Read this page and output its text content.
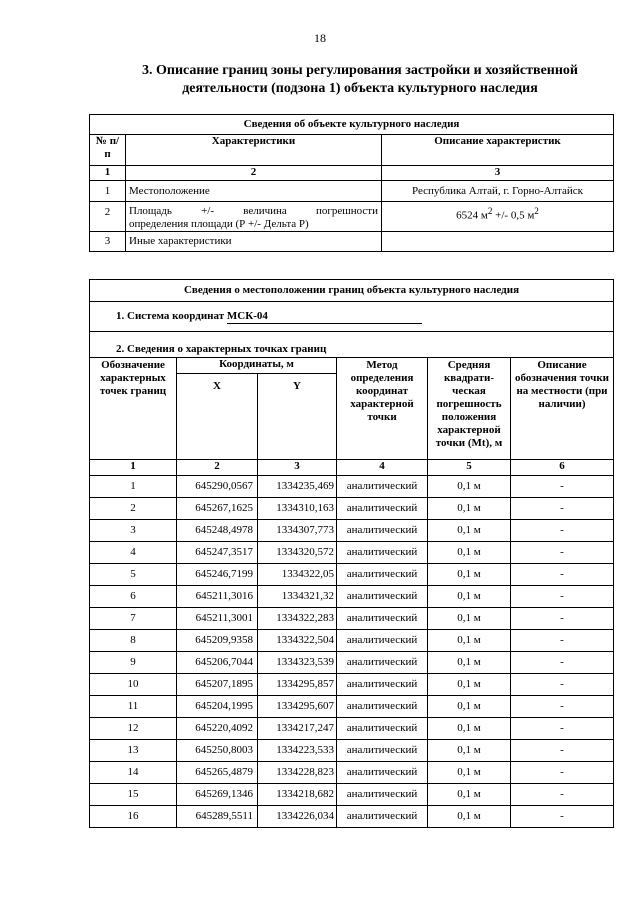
18
3. Описание границ зоны регулирования застройки и хозяйственной деятельности (подзона 1) объекта культурного наследия
Сведения об объекте культурного наследия		
№ п/п	Характеристики	Описание характеристик
1	2	3
1	Местоположение	Республика Алтай, г. Горно-Алтайск
2	Площадь +/- величина погрешности
определения площади (Р +/- Дельта Р)	6524 $м^2$ +/- 0,5 $м^2$
3	Иные характеристики	
Сведения о местоположении границ объекта культурного наследия					
1. Система координат МСК-04					
2. Сведения о характерных точках границ					
Обозначение характерных точек границ	Координаты, м		Метод определения координат характерной точки	Средняя квадрати-ческая погрешность положения характерной точки (Mt), м	Описание обозначения точки на местности (при наличии)
	X	Y			
1	2	3	4	5	6
1	645290,0567	1334235,469	аналитический	0,1 м	-
2	645267,1625	1334310,163	аналитический	0,1 м	-
3	645248,4978	1334307,773	аналитический	0,1 м	-
4	645247,3517	1334320,572	аналитический	0,1 м	-
5	645246,7199	1334322,05	аналитический	0,1 м	-
6	645211,3016	1334321,32	аналитический	0,1 м	-
7	645211,3001	1334322,283	аналитический	0,1 м	-
8	645209,9358	1334322,504	аналитический	0,1 м	-
9	645206,7044	1334323,539	аналитический	0,1 м	-
10	645207,1895	1334295,857	аналитический	0,1 м	-
11	645204,1995	1334295,607	аналитический	0,1 м	-
12	645220,4092	1334217,247	аналитический	0,1 м	-
13	645250,8003	1334223,533	аналитический	0,1 м	-
14	645265,4879	1334228,823	аналитический	0,1 м	-
15	645269,1346	1334218,682	аналитический	0,1 м	-
16	645289,5511	1334226,034	аналитический	0,1 м	-
